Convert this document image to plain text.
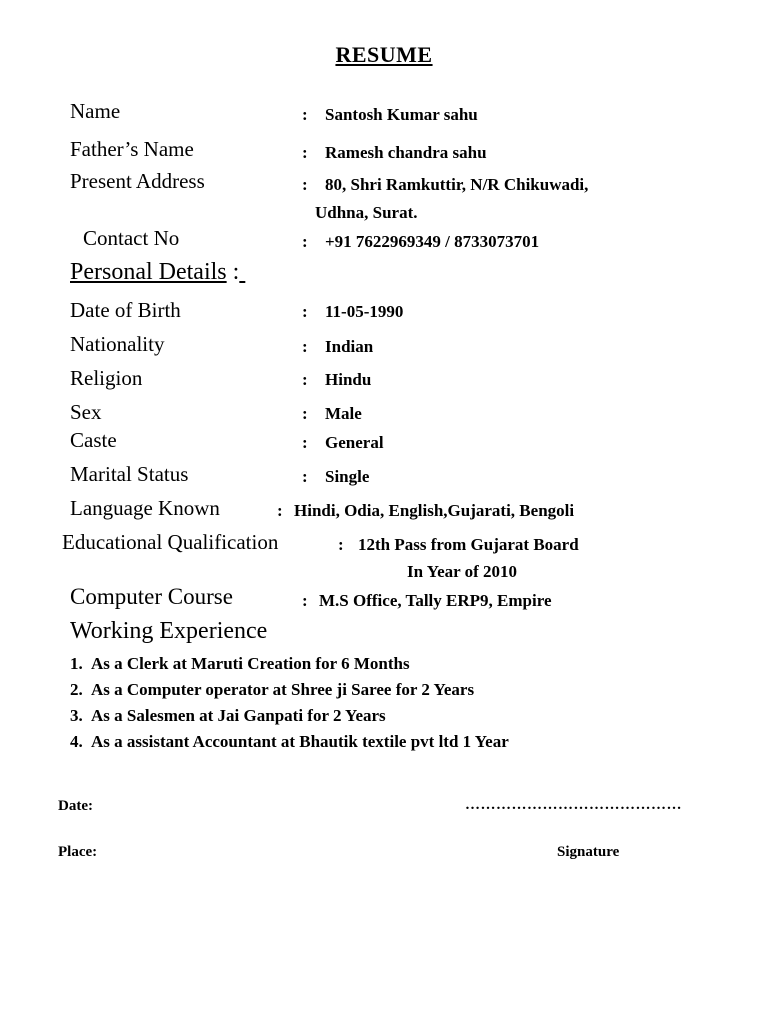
RESUME
Name	: Santosh Kumar sahu
Father’s Name	: Ramesh chandra sahu
Present Address	: 80, Shri Ramkuttir, N/R Chikuwadi,
Udhna, Surat.
Contact No	: +91 7622969349 / 8733073701
Personal Details :
Date of Birth	: 11-05-1990
Nationality	: Indian
Religion	: Hindu
Sex	: Male
Caste	: General
Marital Status	: Single
Language Known	: Hindi, Odia, English,Gujarati, Bengoli
Educational Qualification	: 12th Pass from Gujarat Board
In Year of 2010
Computer Course	: M.S Office, Tally ERP9, Empire
Working Experience
1. As a Clerk at Maruti Creation for 6 Months
2. As a Computer operator at Shree ji Saree for 2 Years
3. As a Salesmen at Jai Ganpati for 2 Years
4. As a assistant Accountant at Bhautik textile pvt ltd 1 Year
Date:	……………………………………
Place:	Signature
